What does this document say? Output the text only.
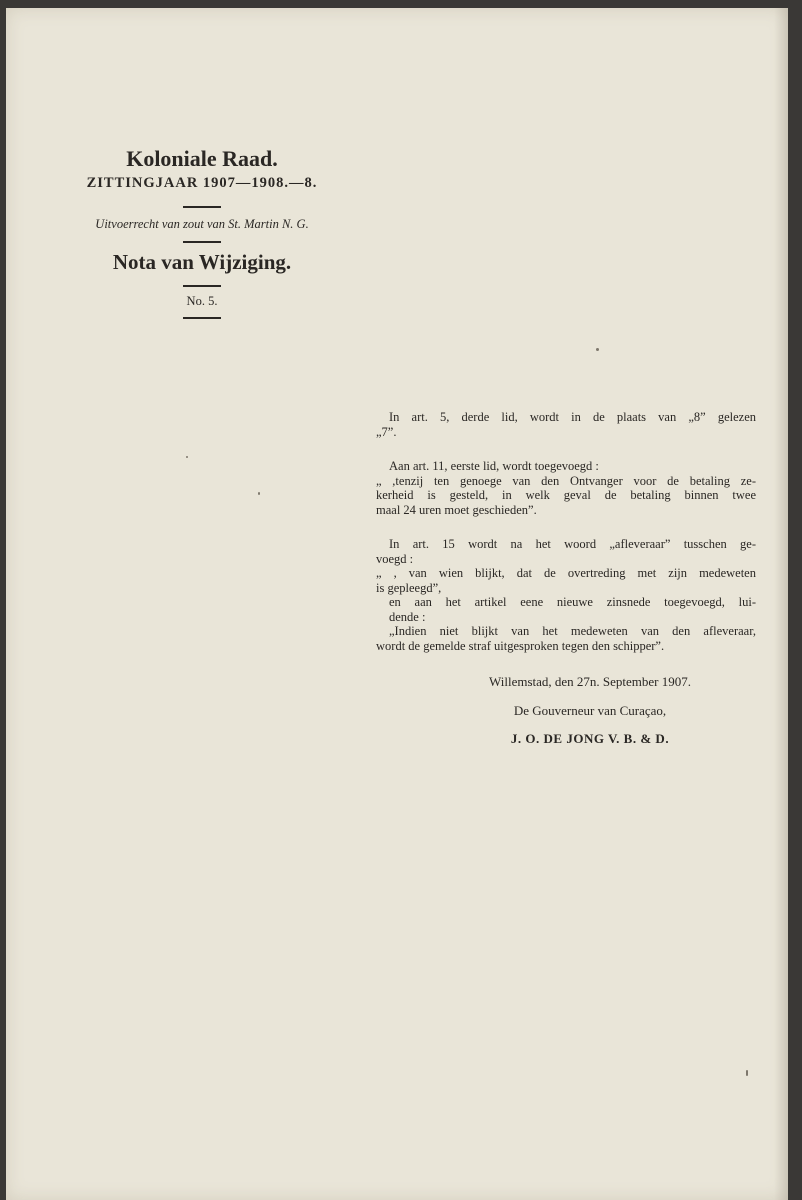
Koloniale Raad.

ZITTINGJAAR 1907—1908.—8.

Uitvoerrecht van zout van St. Martin N. G.

Nota van Wijziging.

No. 5.

In art. 5, derde lid, wordt in de plaats van „8” gelezen
„7”.
Aan art. 11, eerste lid, wordt toegevoegd :
„ ,tenzij ten genoege van den Ontvanger voor de betaling ze-
kerheid is gesteld, in welk geval de betaling binnen twee
maal 24 uren moet geschieden”.
In art. 15 wordt na het woord „afleveraar” tusschen ge-
voegd :
„ , van wien blijkt, dat de overtreding met zijn medeweten
is gepleegd”,
en aan het artikel eene nieuwe zinsnede toegevoegd, lui-
dende :
„Indien niet blijkt van het medeweten van den afleveraar,
wordt de gemelde straf uitgesproken tegen den schipper”.

Willemstad, den 27n. September 1907.

De Gouverneur van Curaçao,

J. O. DE JONG V. B. & D.
